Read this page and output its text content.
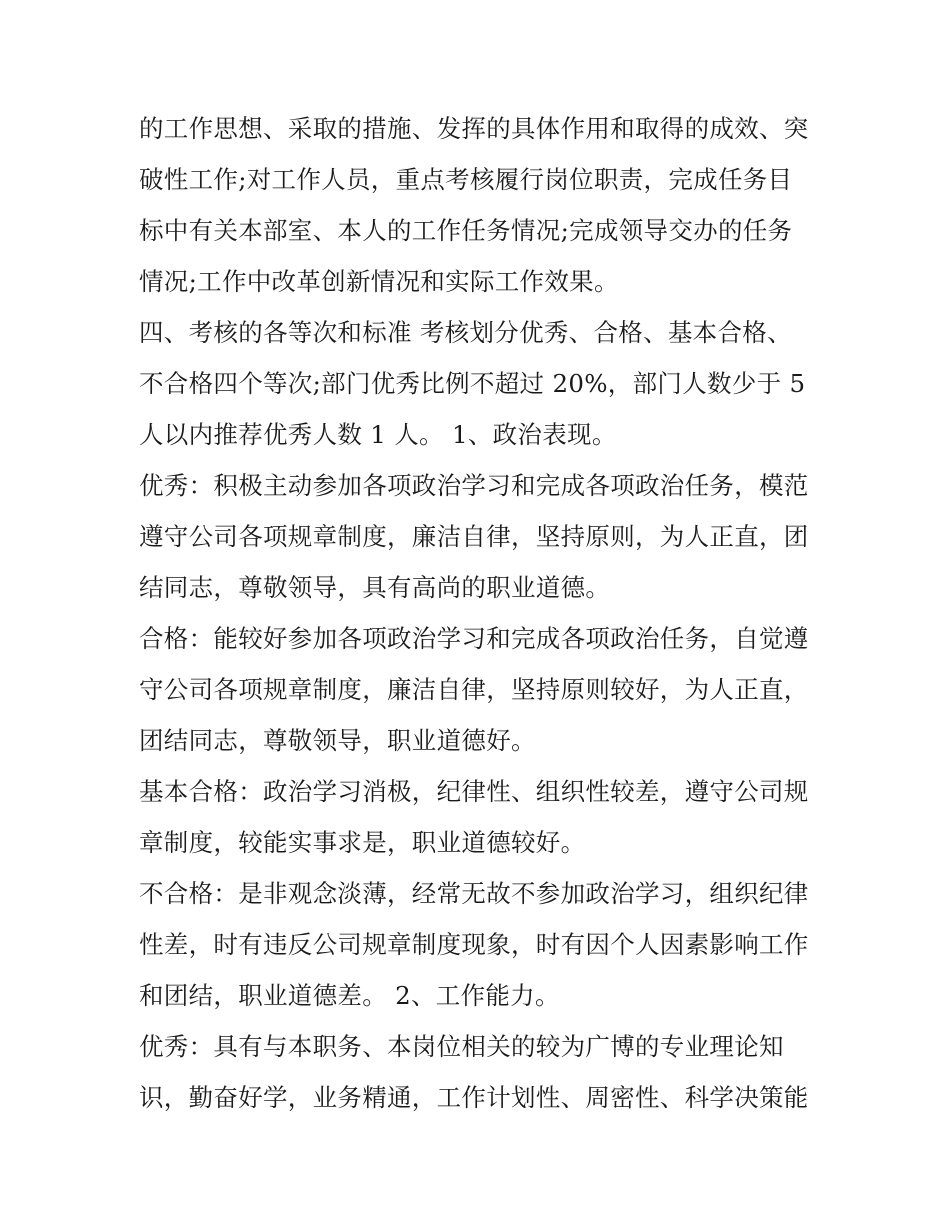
的工作思想、采取的措施、发挥的具体作用和取得的成效、突
破性工作;对工作人员，重点考核履行岗位职责，完成任务目
标中有关本部室、本人的工作任务情况;完成领导交办的任务
情况;工作中改革创新情况和实际工作效果。

四、考核的各等次和标准 考核划分优秀、合格、基本合格、
不合格四个等次;部门优秀比例不超过 20%，部门人数少于 5
人以内推荐优秀人数 1 人。 1、政治表现。

优秀：积极主动参加各项政治学习和完成各项政治任务，模范
遵守公司各项规章制度，廉洁自律，坚持原则，为人正直，团
结同志，尊敬领导，具有高尚的职业道德。

合格：能较好参加各项政治学习和完成各项政治任务，自觉遵
守公司各项规章制度，廉洁自律，坚持原则较好，为人正直，
团结同志，尊敬领导，职业道德好。

基本合格：政治学习消极，纪律性、组织性较差，遵守公司规
章制度，较能实事求是，职业道德较好。

不合格：是非观念淡薄，经常无故不参加政治学习，组织纪律
性差，时有违反公司规章制度现象，时有因个人因素影响工作
和团结，职业道德差。 2、工作能力。

优秀：具有与本职务、本岗位相关的较为广博的专业理论知
识，勤奋好学，业务精通，工作计划性、周密性、科学决策能
